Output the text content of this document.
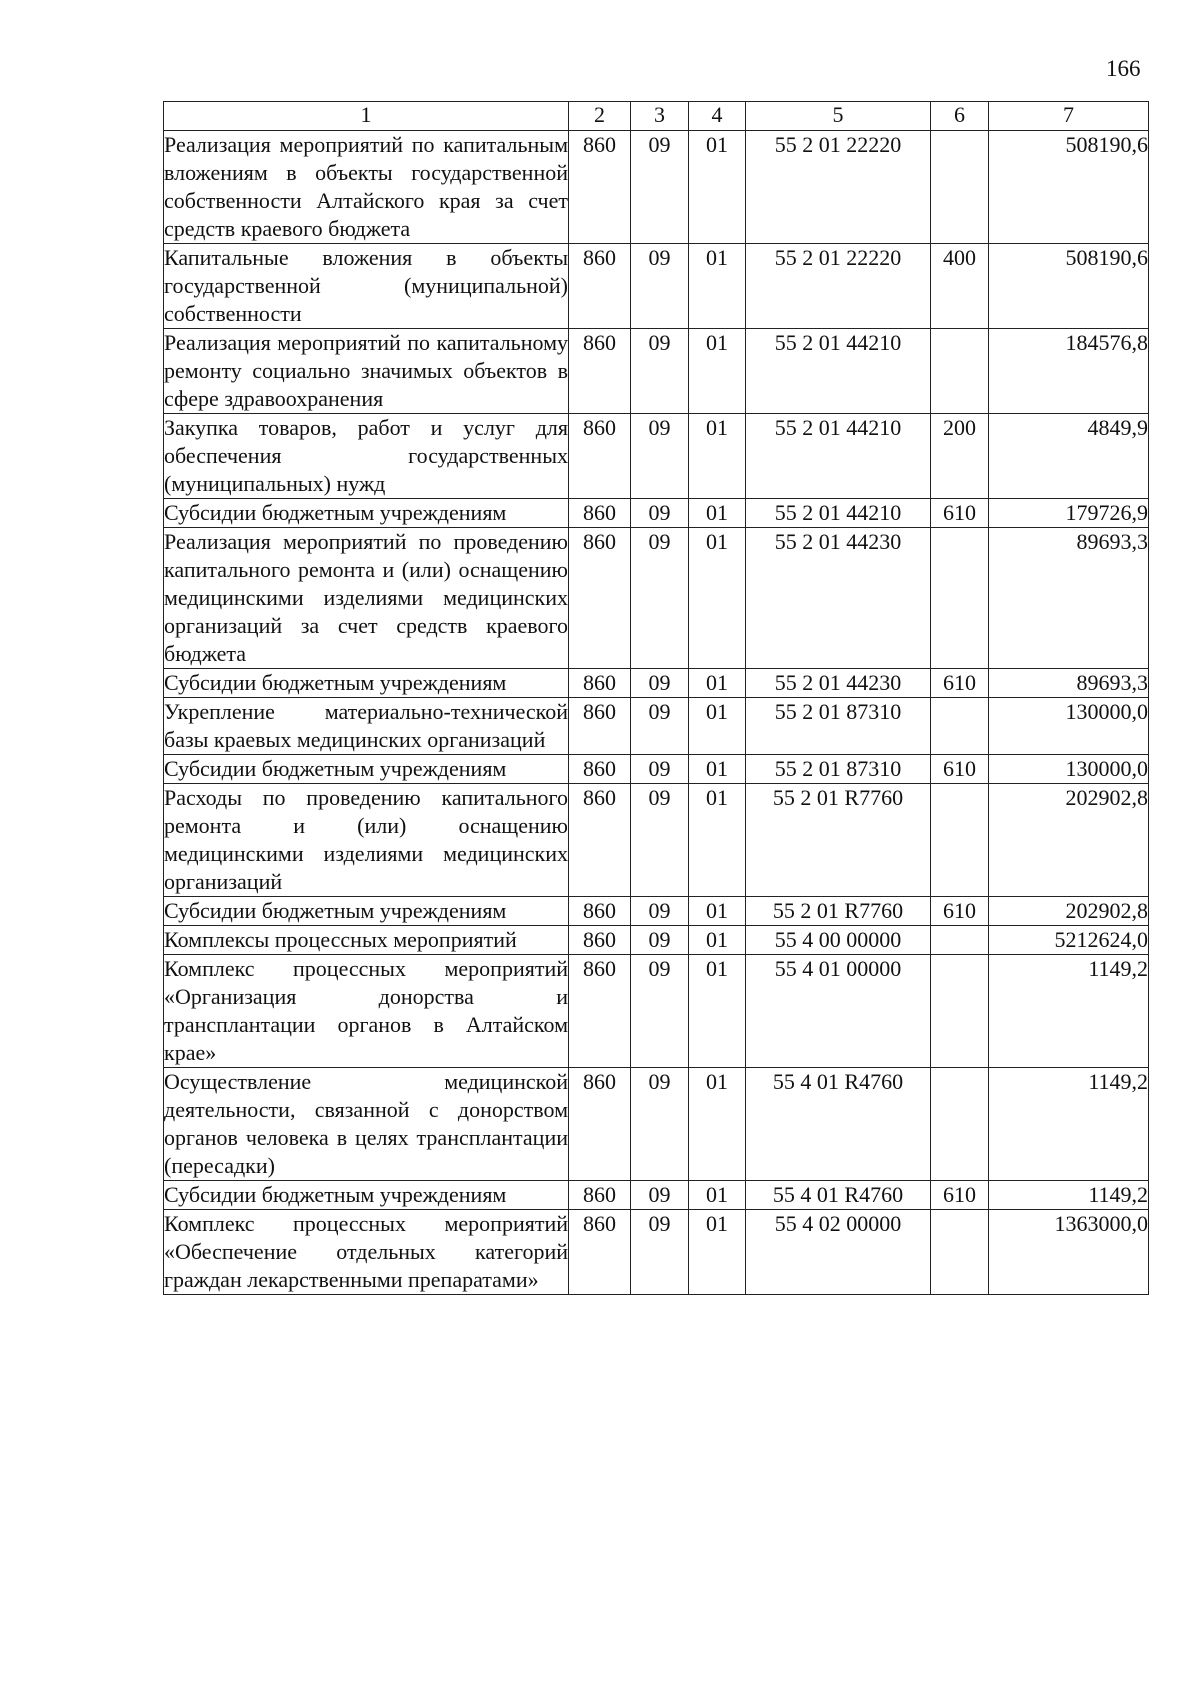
166
1	2	3	4	5	6	7
Реализация мероприятий по капитальным вложениям в объекты государственной собственности Алтайского края за счет средств краевого бюджета	860	09	01	55 2 01 22220		508190,6
Капитальные вложения в объекты государственной (муниципальной) собственности	860	09	01	55 2 01 22220	400	508190,6
Реализация мероприятий по капитальному ремонту социально значимых объектов в сфере здравоохранения	860	09	01	55 2 01 44210		184576,8
Закупка товаров, работ и услуг для обеспечения государственных (муниципальных) нужд	860	09	01	55 2 01 44210	200	4849,9
Субсидии бюджетным учреждениям	860	09	01	55 2 01 44210	610	179726,9
Реализация мероприятий по проведению капитального ремонта и (или) оснащению медицинскими изделиями медицинских организаций за счет средств краевого бюджета	860	09	01	55 2 01 44230		89693,3
Субсидии бюджетным учреждениям	860	09	01	55 2 01 44230	610	89693,3
Укрепление материально-технической базы краевых медицинских организаций	860	09	01	55 2 01 87310		130000,0
Субсидии бюджетным учреждениям	860	09	01	55 2 01 87310	610	130000,0
Расходы по проведению капитального ремонта и (или) оснащению медицинскими изделиями медицинских организаций	860	09	01	55 2 01 R7760		202902,8
Субсидии бюджетным учреждениям	860	09	01	55 2 01 R7760	610	202902,8
Комплексы процессных мероприятий	860	09	01	55 4 00 00000		5212624,0
Комплекс процессных мероприятий «Организация донорства и трансплантации органов в Алтайском крае»	860	09	01	55 4 01 00000		1149,2
Осуществление медицинской деятельности, связанной с донорством органов человека в целях трансплантации (пересадки)	860	09	01	55 4 01 R4760		1149,2
Субсидии бюджетным учреждениям	860	09	01	55 4 01 R4760	610	1149,2
Комплекс процессных мероприятий «Обеспечение отдельных категорий граждан лекарственными препаратами»	860	09	01	55 4 02 00000		1363000,0
